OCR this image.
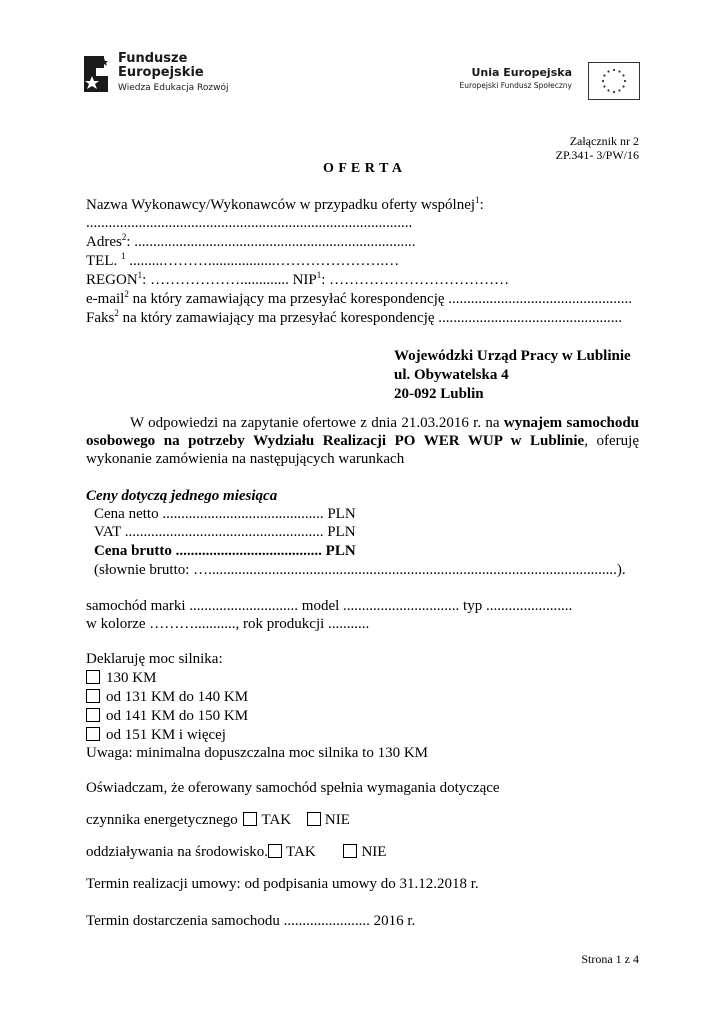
Fundusze
Europejskie
Wiedza Edukacja Rozwój
Unia Europejska
Europejski Fundusz Społeczny
Załącznik nr 2
ZP.341- 3/PW/16
O F E R T A
Nazwa Wykonawcy/Wykonawców w przypadku oferty wspólnej$^1$:
.......................................................................................
Adres$^2$: ...........................................................................
TEL. $^1$ .........………..................………………….…
REGON$^1$: ………………............. NIP$^1$: ………………………………
e-mail$^2$ na który zamawiający ma przesyłać korespondencję .................................................
Faks$^2$ na który zamawiający ma przesyłać korespondencję .................................................
Wojewódzki Urząd Pracy w Lublinie
ul. Obywatelska 4
20-092 Lublin
W odpowiedzi na zapytanie ofertowe z dnia 21.03.2016 r. na wynajem samochodu
osobowego na potrzeby Wydziału Realizacji PO WER WUP w Lublinie, oferuję
wykonanie zamówienia na następujących warunkach
Ceny dotyczą jednego miesiąca
Cena netto ........................................... PLN
VAT ..................................................... PLN
Cena brutto ....................................... PLN
(słownie brutto: ….............................................................................................................).
samochód marki ............................. model ............................... typ .......................
w kolorze ………..........., rok produkcji ...........
Deklaruję moc silnika:
130 KM
od 131 KM do 140 KM
od 141 KM do 150 KM
od 151 KM i więcej
Uwaga: minimalna dopuszczalna moc silnika to 130 KM
Oświadczam, że oferowany samochód spełnia wymagania dotyczące
czynnika energetycznego TAK NIE
oddziaływania na środowisko. TAK	NIE
Termin realizacji umowy: od podpisania umowy do 31.12.2018 r.
Termin dostarczenia samochodu ....................... 2016 r.
Strona 1 z 4
